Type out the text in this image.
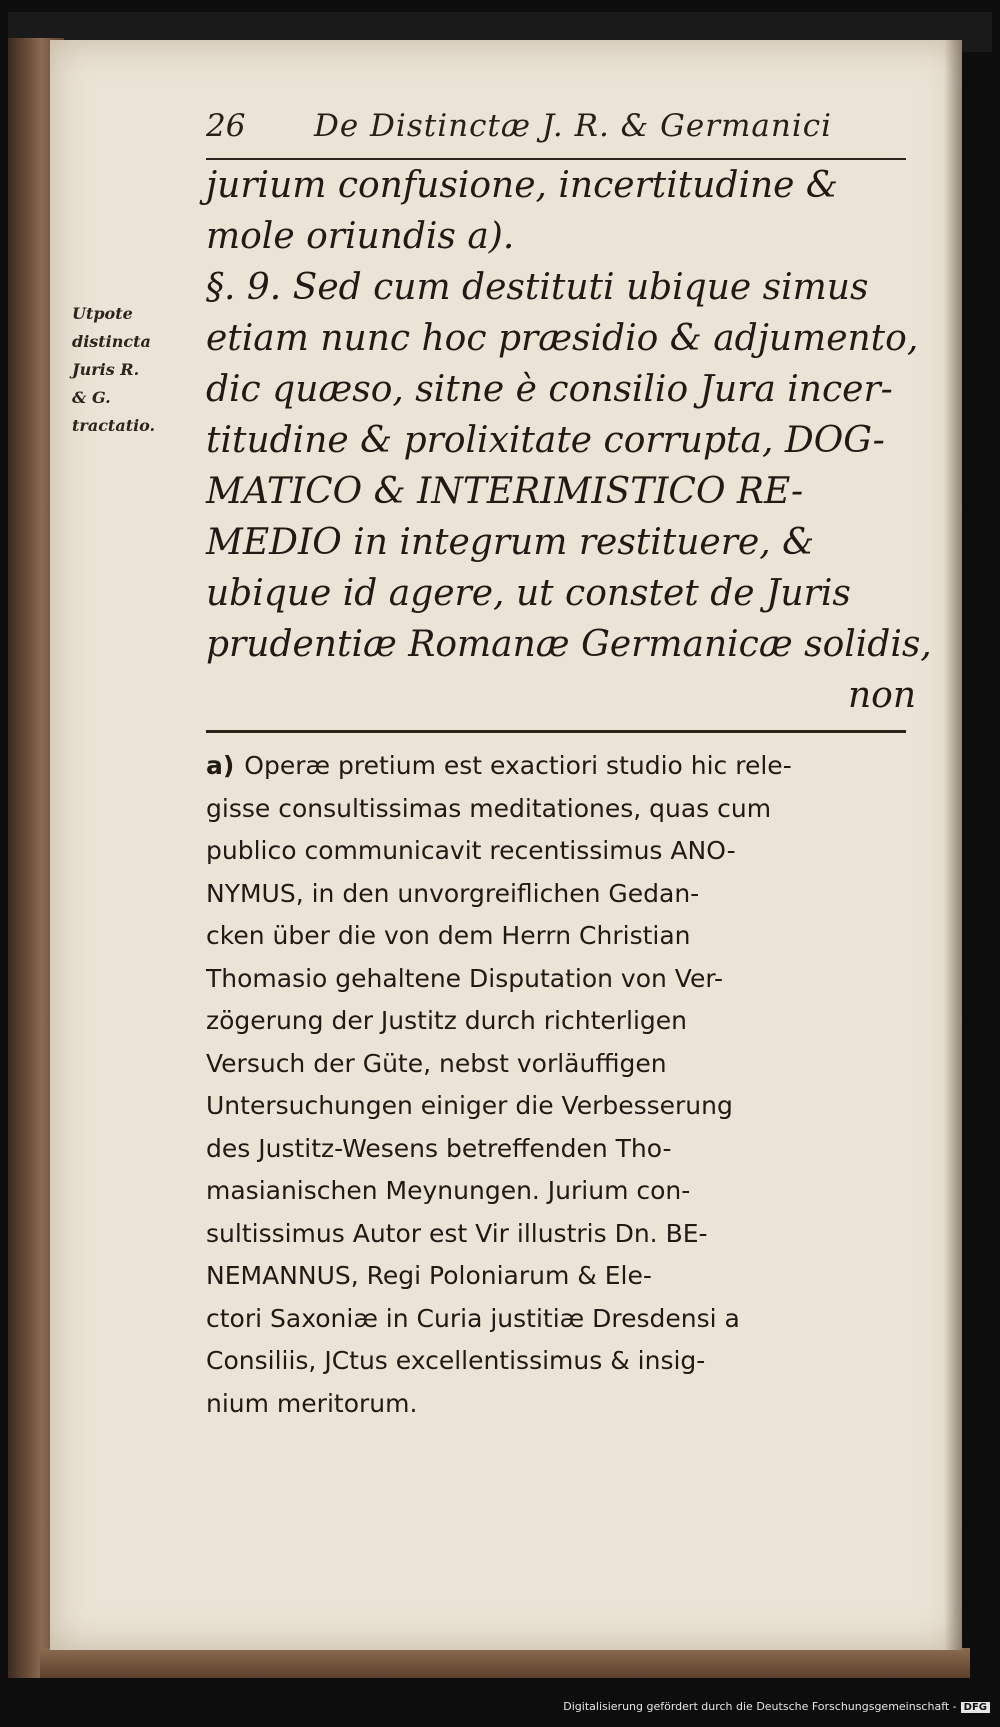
26 De Distinctæ J. R. & Germanici
Utpote
distincta
Juris R.
& G.
tractatio.
jurium confusione, incertitudine &
mole oriundis a).
§. 9. Sed cum destituti ubique simus
etiam nunc hoc præsidio & adjumento,
dic quæso, sitne è consilio Jura incer-
titudine & prolixitate corrupta, DOG-
MATICO & INTERIMISTICO RE-
MEDIO in integrum restituere, &
ubique id agere, ut constet de Juris
prudentiæ Romanæ Germanicæ solidis,
non
a) Operæ pretium est exactiori studio hic rele-
gisse consultissimas meditationes, quas cum
publico communicavit recentissimus ANO-
NYMUS, in den unvorgreiflichen Gedan-
cken über die von dem Herrn Christian
Thomasio gehaltene Disputation von Ver-
zögerung der Justitz durch richterligen
Versuch der Güte, nebst vorläuffigen
Untersuchungen einiger die Verbesserung
des Justitz-Wesens betreffenden Tho-
masianischen Meynungen. Jurium con-
sultissimus Autor est Vir illustris Dn. BE-
NEMANNUS, Regi Poloniarum & Ele-
ctori Saxoniæ in Curia justitiæ Dresdensi a
Consiliis, JCtus excellentissimus & insig-
nium meritorum.
Digitalisierung gefördert durch die Deutsche Forschungsgemeinschaft - DFG
